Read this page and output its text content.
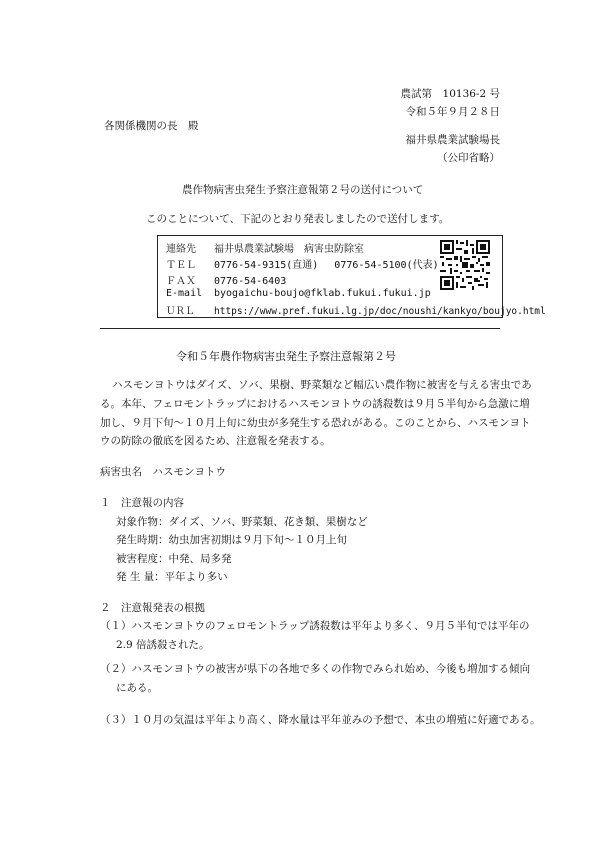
農試第　10136-2 号
令和５年９月２８日
各関係機関の長　殿
福井県農業試験場長
（公印省略）
農作物病害虫発生予察注意報第２号の送付について
このことについて、下記のとおり発表しましたので送付します。
連絡先 福井県農業試験場　病害虫防除室
ＴＥＬ 0776-54-9315(直通)　 0776-54-5100(代表)
ＦＡＸ 0776-54-6403
E-mail byogaichu-boujo@fklab.fukui.fukui.jp
ＵＲＬ https://www.pref.fukui.lg.jp/doc/noushi/kankyo/boujyo.html
令和５年農作物病害虫発生予察注意報第２号
ハスモンヨトウはダイズ、ソバ、果樹、野菜類など幅広い農作物に被害を与える害虫であ
る。本年、フェロモントラップにおけるハスモンヨトウの誘殺数は９月５半旬から急激に増
加し、９月下旬～１０月上旬に幼虫が多発生する恐れがある。このことから、ハスモンヨト
ウの防除の徹底を図るため、注意報を発表する。
病害虫名　ハスモンヨトウ
１　注意報の内容
対象作物：ダイズ、ソバ、野菜類、花き類、果樹など
発生時期：幼虫加害初期は９月下旬～１０月上旬
被害程度：中発、局多発
発 生 量：平年より多い
２　注意報発表の根拠
（１）ハスモンヨトウのフェロモントラップ誘殺数は平年より多く、９月５半旬では平年の
2.9 倍誘殺された。
（２）ハスモンヨトウの被害が県下の各地で多くの作物でみられ始め、今後も増加する傾向
にある。
（３）１０月の気温は平年より高く、降水量は平年並みの予想で、本虫の増殖に好適である。
